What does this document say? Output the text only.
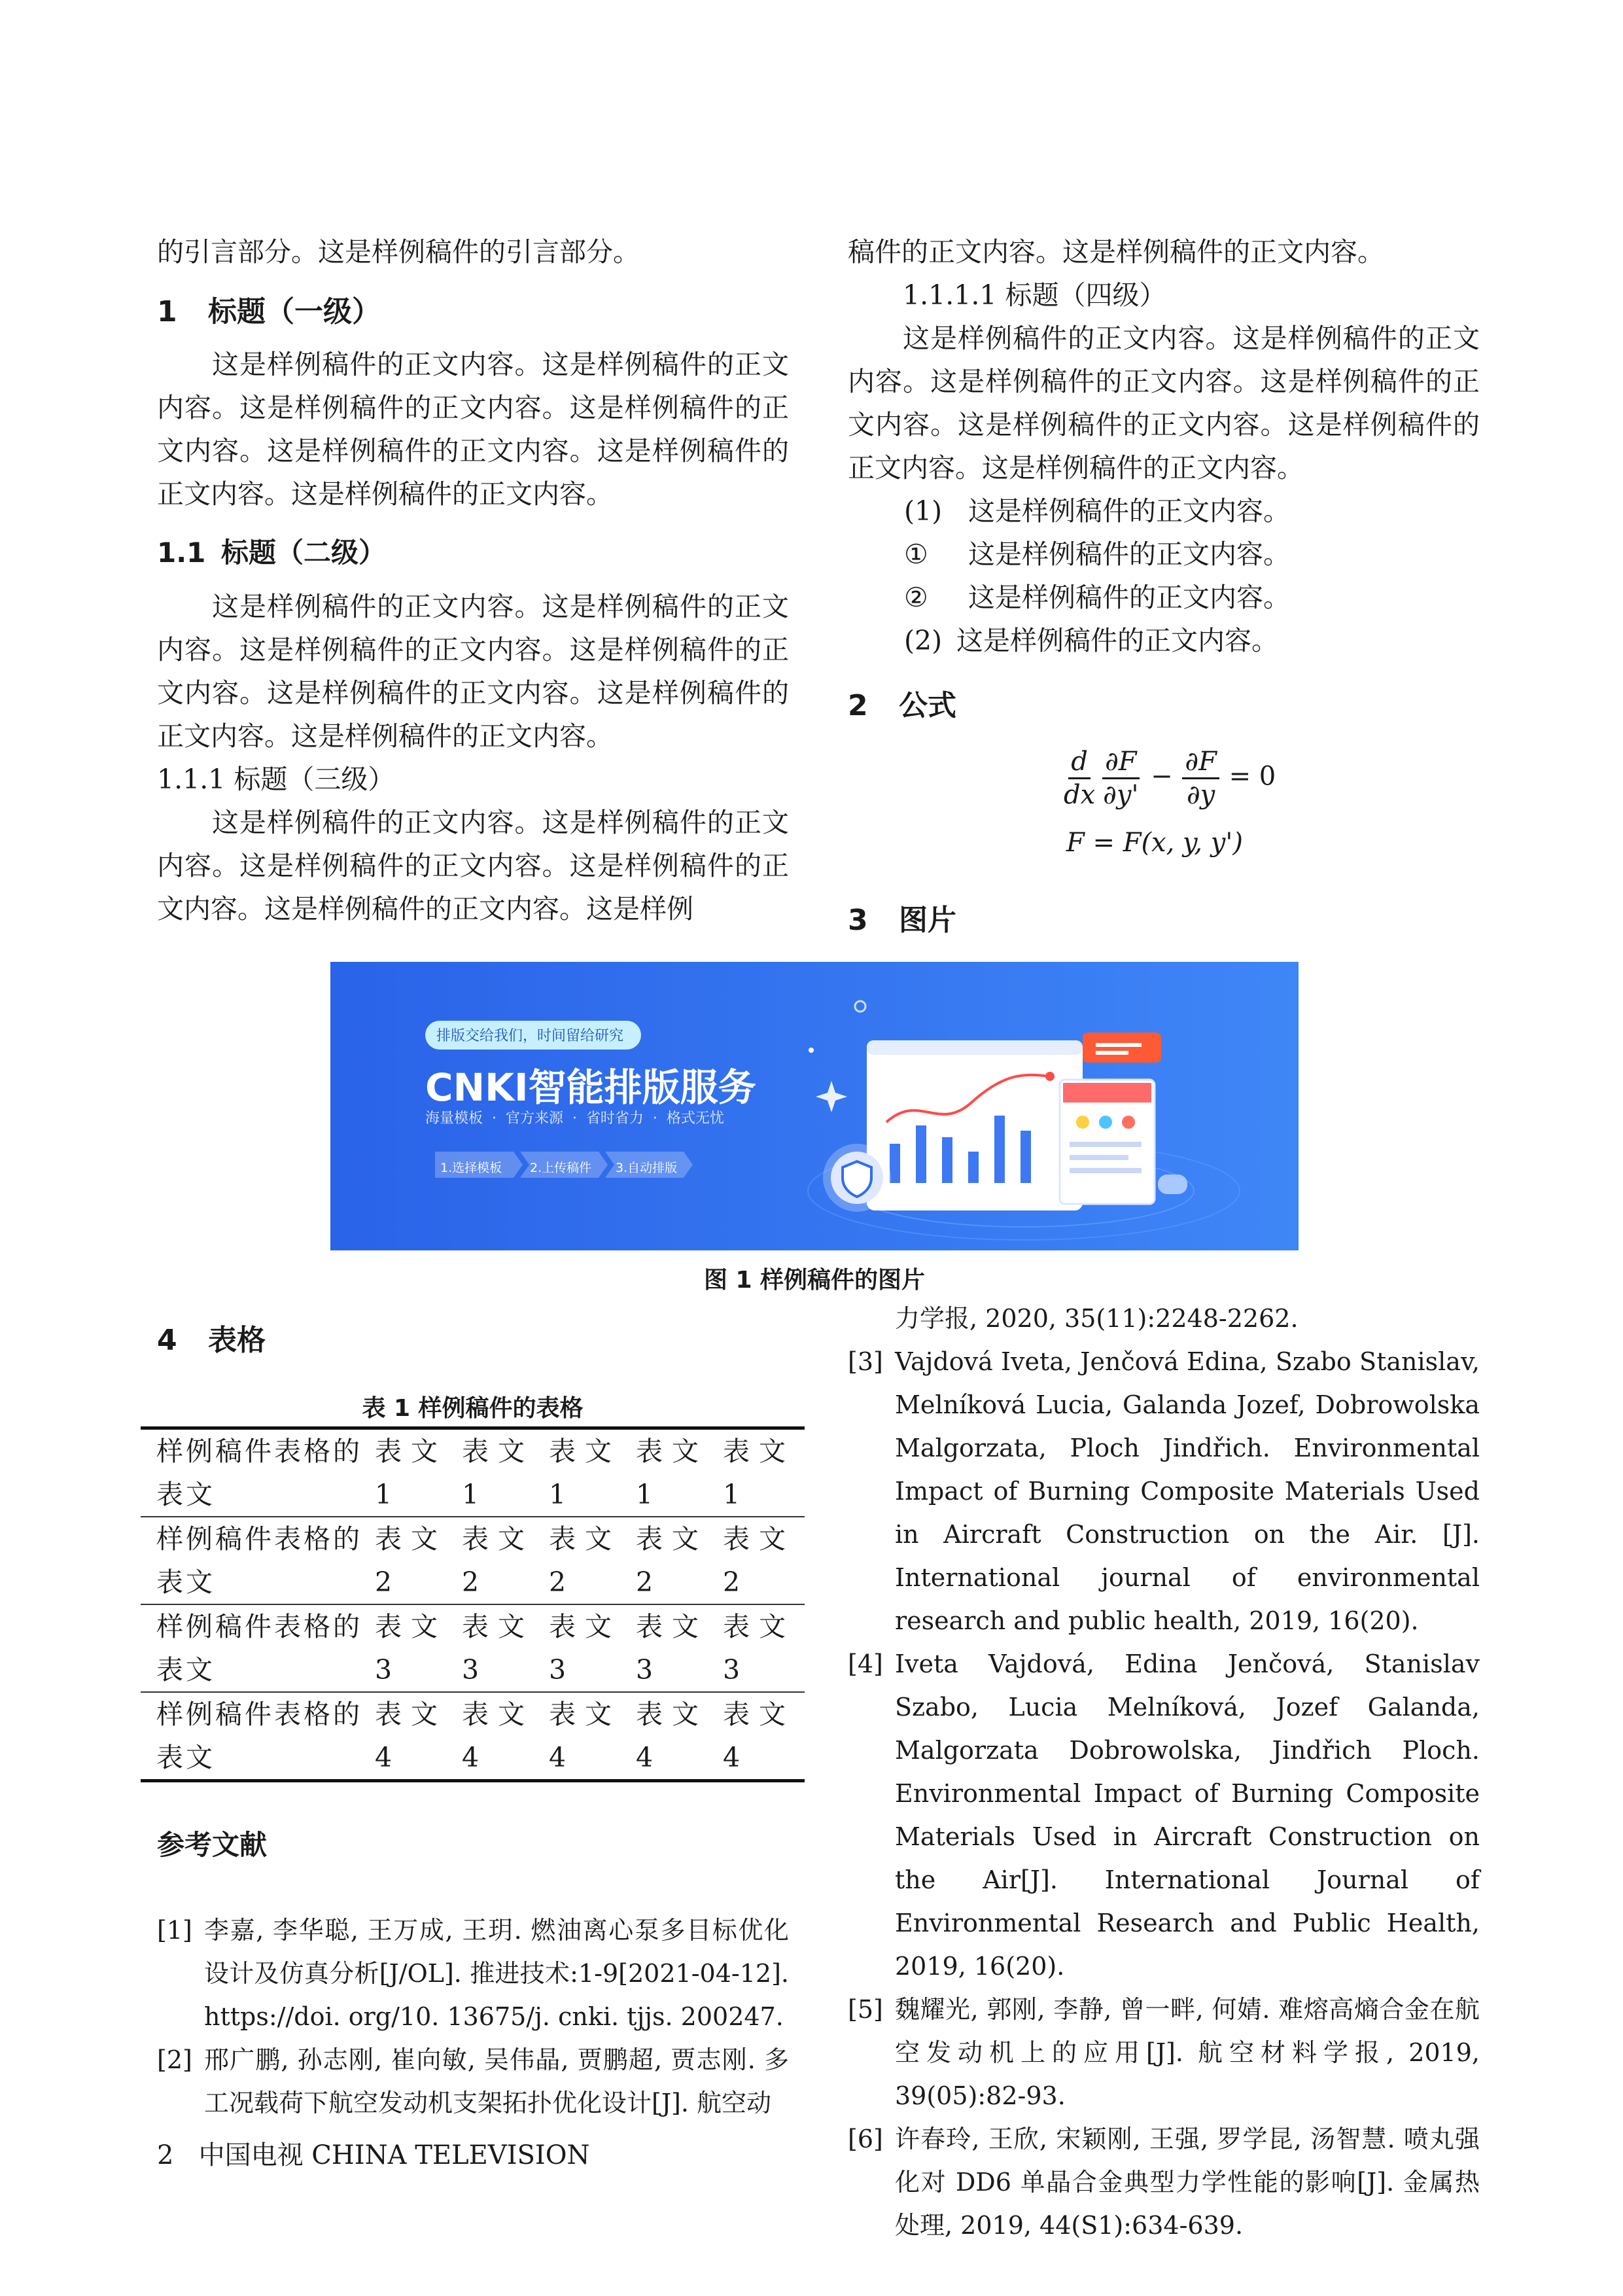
的引言部分。这是样例稿件的引言部分。

1 标题（一级）

这是样例稿件的正文内容。这是样例稿件的正文内容。这是样例稿件的正文内容。这是样例稿件的正文内容。这是样例稿件的正文内容。这是样例稿件的正文内容。这是样例稿件的正文内容。

1.1 标题（二级）

这是样例稿件的正文内容。这是样例稿件的正文内容。这是样例稿件的正文内容。这是样例稿件的正文内容。这是样例稿件的正文内容。这是样例稿件的正文内容。这是样例稿件的正文内容。

1.1.1 标题（三级）

这是样例稿件的正文内容。这是样例稿件的正文内容。这是样例稿件的正文内容。这是样例稿件的正文内容。这是样例稿件的正文内容。这是样例

稿件的正文内容。这是样例稿件的正文内容。

1.1.1.1 标题（四级）

这是样例稿件的正文内容。这是样例稿件的正文内容。这是样例稿件的正文内容。这是样例稿件的正文内容。这是样例稿件的正文内容。这是样例稿件的正文内容。这是样例稿件的正文内容。

(1) 这是样例稿件的正文内容。

① 这是样例稿件的正文内容。

② 这是样例稿件的正文内容。

(2) 这是样例稿件的正文内容。

2 公式

$\frac{d}{dx} \frac{\partial F}{\partial y'} - \frac{\partial F}{\partial y} = 0$
F = F(x, y, y')
3 图片
排版交给我们，时间留给研究
CNKI智能排版服务
海量模板  ·  官方来源  ·  省时省力  ·  格式无忧
1.选择模板 2.上传稿件 3.自动排版
图 1 样例稿件的图片
4 表格
表 1 样例稿件的表格
样例稿件表格的表文	表文1	表文1	表文1	表文1	表文1
样例稿件表格的表文	表文2	表文2	表文2	表文2	表文2
样例稿件表格的表文	表文3	表文3	表文3	表文3	表文3
样例稿件表格的表文	表文4	表文4	表文4	表文4	表文4
参考文献
[1] 李嘉, 李华聪, 王万成, 王玥. 燃油离心泵多目标优化设计及仿真分析[J/OL]. 推进技术:1-9[2021-04-12]. https://doi. org/10. 13675/j. cnki. tjjs. 200247.
[2] 邢广鹏, 孙志刚, 崔向敏, 吴伟晶, 贾鹏超, 贾志刚. 多工况载荷下航空发动机支架拓扑优化设计[J]. 航空动
力学报, 2020, 35(11):2248-2262.
[3] Vajdová Iveta, Jenčová Edina, Szabo Stanislav, Melníková Lucia, Galanda Jozef, Dobrowolska Malgorzata, Ploch Jindřich. Environmental Impact of Burning Composite Materials Used in Aircraft Construction on the Air. [J]. International journal of environmental research and public health, 2019, 16(20).
[4] Iveta Vajdová, Edina Jenčová, Stanislav Szabo, Lucia Melníková, Jozef Galanda, Malgorzata Dobrowolska, Jindřich Ploch. Environmental Impact of Burning Composite Materials Used in Aircraft Construction on the Air[J]. International Journal of Environmental Research and Public Health, 2019, 16(20).
[5] 魏耀光, 郭刚, 李静, 曾一畔, 何婧. 难熔高熵合金在航空发动机上的应用[J]. 航空材料学报, 2019, 39(05):82-93.
[6] 许春玲, 王欣, 宋颖刚, 王强, 罗学昆, 汤智慧. 喷丸强化对 DD6 单晶合金典型力学性能的影响[J]. 金属热处理, 2019, 44(S1):634-639.
2   中国电视 CHINA TELEVISION
